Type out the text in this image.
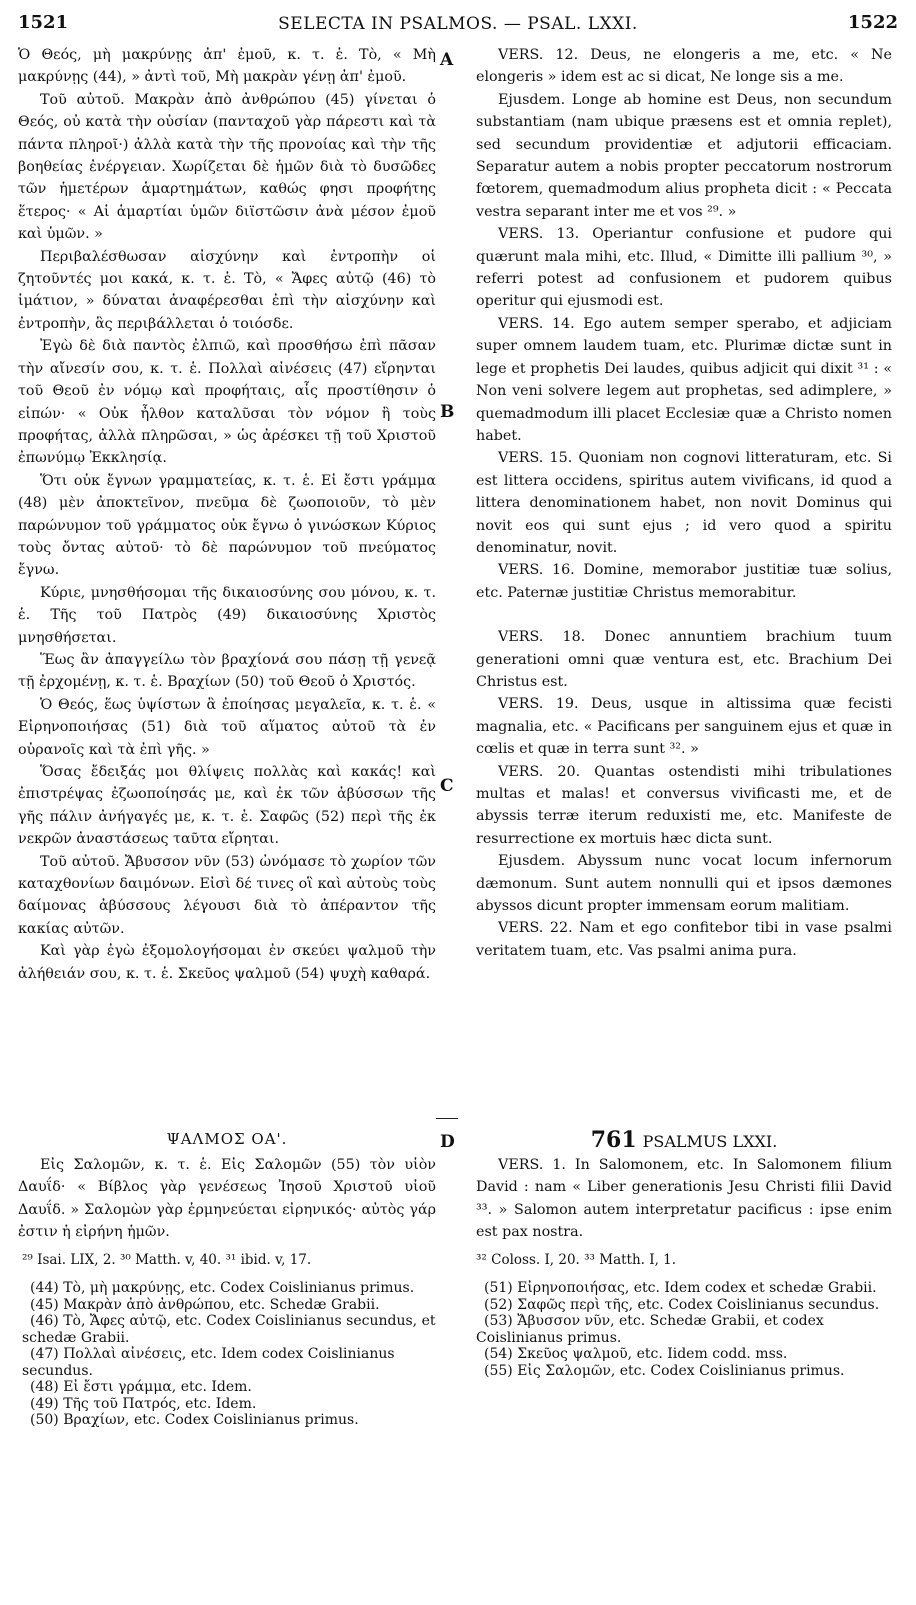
1521	SELECTA IN PSALMOS. — PSAL. LXXI.	1522
A
B
C
D

Ὁ Θεός, μὴ μακρύνῃς ἀπ' ἐμοῦ, κ. τ. ἑ. Τὸ, « Μὴ μακρύνῃς (44), » ἀντὶ τοῦ, Μὴ μακρὰν γένῃ ἀπ' ἐμοῦ.

Τοῦ αὐτοῦ. Μακρὰν ἀπὸ ἀνθρώπου (45) γίνεται ὁ Θεός, οὐ κατὰ τὴν οὐσίαν (πανταχοῦ γὰρ πάρεστι καὶ τὰ πάντα πληροῖ·) ἀλλὰ κατὰ τὴν τῆς προνοίας καὶ τὴν τῆς βοηθείας ἐνέργειαν. Χωρίζεται δὲ ἡμῶν διὰ τὸ δυσῶδες τῶν ἡμετέρων ἁμαρτημάτων, καθώς φησι προφήτης ἕτερος· « Αἱ ἁμαρτίαι ὑμῶν διϊστῶσιν ἀνὰ μέσον ἐμοῦ καὶ ὑμῶν. »

Περιβαλέσθωσαν αἰσχύνην καὶ ἐντροπὴν οἱ ζητοῦντές μοι κακά, κ. τ. ἑ. Τὸ, « Ἄφες αὐτῷ (46) τὸ ἱμάτιον, » δύναται ἀναφέρεσθαι ἐπὶ τὴν αἰσχύνην καὶ ἐντροπὴν, ἃς περιβάλλεται ὁ τοιόσδε.

Ἐγὼ δὲ διὰ παντὸς ἐλπιῶ, καὶ προσθήσω ἐπὶ πᾶσαν τὴν αἴνεσίν σου, κ. τ. ἑ. Πολλαὶ αἰνέσεις (47) εἴρηνται τοῦ Θεοῦ ἐν νόμῳ καὶ προφήταις, αἷς προστίθησιν ὁ εἰπών· « Οὐκ ἦλθον καταλῦσαι τὸν νόμον ἢ τοὺς προφήτας, ἀλλὰ πληρῶσαι, » ὡς ἀρέσκει τῇ τοῦ Χριστοῦ ἐπωνύμῳ Ἐκκλησίᾳ.

Ὅτι οὐκ ἔγνων γραμματείας, κ. τ. ἑ. Εἰ ἔστι γράμμα (48) μὲν ἀποκτεῖνον, πνεῦμα δὲ ζωοποιοῦν, τὸ μὲν παρώνυμον τοῦ γράμματος οὐκ ἔγνω ὁ γινώσκων Κύριος τοὺς ὄντας αὐτοῦ· τὸ δὲ παρώνυμον τοῦ πνεύματος ἔγνω.

Κύριε, μνησθήσομαι τῆς δικαιοσύνης σου μόνου, κ. τ. ἑ. Τῆς τοῦ Πατρὸς (49) δικαιοσύνης Χριστὸς μνησθήσεται.

Ἕως ἂν ἀπαγγείλω τὸν βραχίονά σου πάσῃ τῇ γενεᾷ τῇ ἐρχομένῃ, κ. τ. ἑ. Βραχίων (50) τοῦ Θεοῦ ὁ Χριστός.

Ὁ Θεός, ἕως ὑψίστων ἃ ἐποίησας μεγαλεῖα, κ. τ. ἑ. « Εἰρηνοποιήσας (51) διὰ τοῦ αἵματος αὐτοῦ τὰ ἐν οὐρανοῖς καὶ τὰ ἐπὶ γῆς. »

Ὅσας ἔδειξάς μοι θλίψεις πολλὰς καὶ κακάς! καὶ ἐπιστρέψας ἐζωοποίησάς με, καὶ ἐκ τῶν ἀβύσσων τῆς γῆς πάλιν ἀνήγαγές με, κ. τ. ἑ. Σαφῶς (52) περὶ τῆς ἐκ νεκρῶν ἀναστάσεως ταῦτα εἴρηται.

Τοῦ αὐτοῦ. Ἄβυσσον νῦν (53) ὠνόμασε τὸ χωρίον τῶν καταχθονίων δαιμόνων. Εἰσὶ δέ τινες οἳ καὶ αὐτοὺς τοὺς δαίμονας ἀβύσσους λέγουσι διὰ τὸ ἀπέραντον τῆς κακίας αὐτῶν.

Καὶ γὰρ ἐγὼ ἐξομολογήσομαι ἐν σκεύει ψαλμοῦ τὴν ἀλήθειάν σου, κ. τ. ἑ. Σκεῦος ψαλμοῦ (54) ψυχὴ καθαρά.

VERS. 12. Deus, ne elongeris a me, etc. « Ne elongeris » idem est ac si dicat, Ne longe sis a me.

Ejusdem. Longe ab homine est Deus, non secundum substantiam (nam ubique præsens est et omnia replet), sed secundum providentiæ et adjutorii efficaciam. Separatur autem a nobis propter peccatorum nostrorum fœtorem, quemadmodum alius propheta dicit : « Peccata vestra separant inter me et vos ²⁹. »

VERS. 13. Operiantur confusione et pudore qui quærunt mala mihi, etc. Illud, « Dimitte illi pallium ³⁰, » referri potest ad confusionem et pudorem quibus operitur qui ejusmodi est.

VERS. 14. Ego autem semper sperabo, et adjiciam super omnem laudem tuam, etc. Plurimæ dictæ sunt in lege et prophetis Dei laudes, quibus adjicit qui dixit ³¹ : « Non veni solvere legem aut prophetas, sed adimplere, » quemadmodum illi placet Ecclesiæ quæ a Christo nomen habet.

VERS. 15. Quoniam non cognovi litteraturam, etc. Si est littera occidens, spiritus autem vivificans, id quod a littera denominationem habet, non novit Dominus qui novit eos qui sunt ejus ; id vero quod a spiritu denominatur, novit.

VERS. 16. Domine, memorabor justitiæ tuæ solius, etc. Paternæ justitiæ Christus memorabitur.

VERS. 18. Donec annuntiem brachium tuum generationi omni quæ ventura est, etc. Brachium Dei Christus est.

VERS. 19. Deus, usque in altissima quæ fecisti magnalia, etc. « Pacificans per sanguinem ejus et quæ in cœlis et quæ in terra sunt ³². »

VERS. 20. Quantas ostendisti mihi tribulationes multas et malas! et conversus vivificasti me, et de abyssis terræ iterum reduxisti me, etc. Manifeste de resurrectione ex mortuis hæc dicta sunt.

Ejusdem. Abyssum nunc vocat locum infernorum dæmonum. Sunt autem nonnulli qui et ipsos dæmones abyssos dicunt propter immensam eorum malitiam.

VERS. 22. Nam et ego confitebor tibi in vase psalmi veritatem tuam, etc. Vas psalmi anima pura.

ΨΑΛΜΟΣ ΟΑ'.	761 PSALMUS LXXI.

Εἰς Σαλομῶν, κ. τ. ἑ. Εἰς Σαλομῶν (55) τὸν υἱὸν Δαυΐδ· « Βίβλος γὰρ γενέσεως Ἰησοῦ Χριστοῦ υἱοῦ Δαυΐδ. » Σαλομὼν γὰρ ἑρμηνεύεται εἰρηνικός· αὐτὸς γάρ ἐστιν ἡ εἰρήνη ἡμῶν.

VERS. 1. In Salomonem, etc. In Salomonem filium David : nam « Liber generationis Jesu Christi filii David ³³. » Salomon autem interpretatur pacificus : ipse enim est pax nostra.

²⁹ Isai. LIX, 2. ³⁰ Matth. v, 40. ³¹ ibid. v, 17.	³² Coloss. I, 20. ³³ Matth. I, 1.

(44) Τὸ, μὴ μακρύνῃς, etc. Codex Coislinianus primus.

(45) Μακρὰν ἀπὸ ἀνθρώπου, etc. Schedæ Grabii.

(46) Τὸ, Ἄφες αὐτῷ, etc. Codex Coislinianus secundus, et schedæ Grabii.

(47) Πολλαὶ αἰνέσεις, etc. Idem codex Coislinianus secundus.

(48) Εἰ ἔστι γράμμα, etc. Idem.

(49) Τῆς τοῦ Πατρός, etc. Idem.

(50) Βραχίων, etc. Codex Coislinianus primus.

(51) Εἰρηνοποιήσας, etc. Idem codex et schedæ Grabii.

(52) Σαφῶς περὶ τῆς, etc. Codex Coislinianus secundus.

(53) Ἄβυσσον νῦν, etc. Schedæ Grabii, et codex Coislinianus primus.

(54) Σκεῦος ψαλμοῦ, etc. Iidem codd. mss.

(55) Εἰς Σαλομῶν, etc. Codex Coislinianus primus.
